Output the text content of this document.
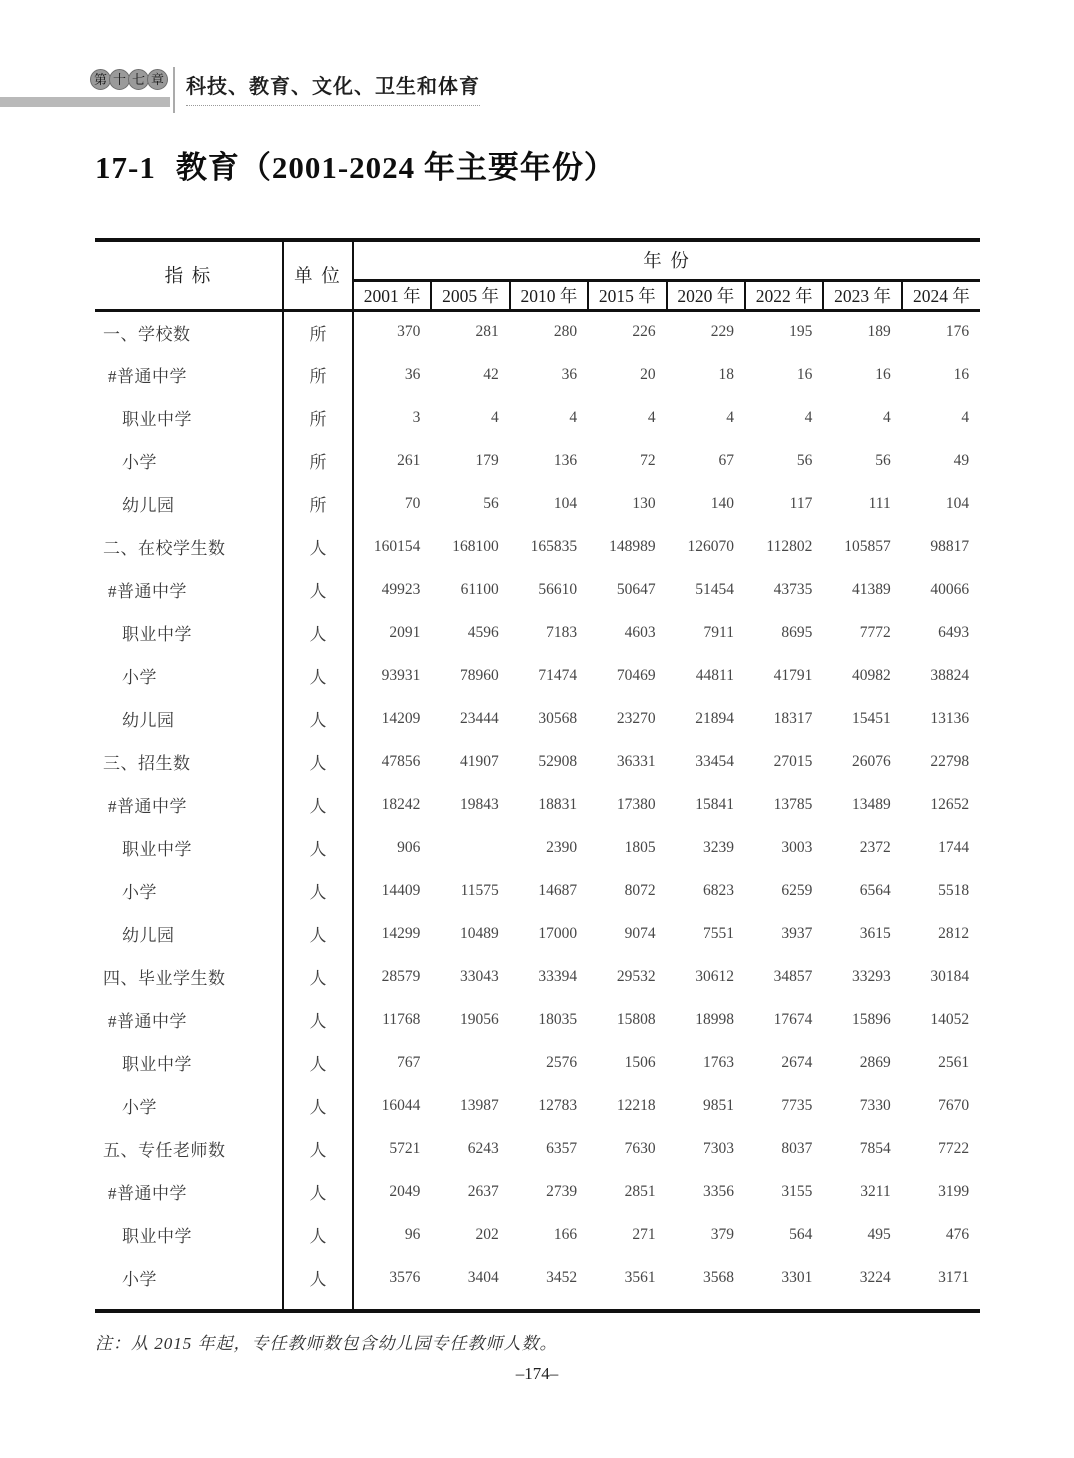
第 十 七 章 科技、教育、文化、卫生和体育
17-1 教育（2001-2024 年主要年份）
指 标	单 位	年 份							
		2001 年	2005 年	2010 年	2015 年	2020 年	2022 年	2023 年	2024 年
一、学校数	所	370	281	280	226	229	195	189	176
#普通中学	所	36	42	36	20	18	16	16	16
职业中学	所	3	4	4	4	4	4	4	4
小学	所	261	179	136	72	67	56	56	49
幼儿园	所	70	56	104	130	140	117	111	104
二、在校学生数	人	160154	168100	165835	148989	126070	112802	105857	98817
#普通中学	人	49923	61100	56610	50647	51454	43735	41389	40066
职业中学	人	2091	4596	7183	4603	7911	8695	7772	6493
小学	人	93931	78960	71474	70469	44811	41791	40982	38824
幼儿园	人	14209	23444	30568	23270	21894	18317	15451	13136
三、招生数	人	47856	41907	52908	36331	33454	27015	26076	22798
#普通中学	人	18242	19843	18831	17380	15841	13785	13489	12652
职业中学	人	906		2390	1805	3239	3003	2372	1744
小学	人	14409	11575	14687	8072	6823	6259	6564	5518
幼儿园	人	14299	10489	17000	9074	7551	3937	3615	2812
四、毕业学生数	人	28579	33043	33394	29532	30612	34857	33293	30184
#普通中学	人	11768	19056	18035	15808	18998	17674	15896	14052
职业中学	人	767		2576	1506	1763	2674	2869	2561
小学	人	16044	13987	12783	12218	9851	7735	7330	7670
五、专任老师数	人	5721	6243	6357	7630	7303	8037	7854	7722
#普通中学	人	2049	2637	2739	2851	3356	3155	3211	3199
职业中学	人	96	202	166	271	379	564	495	476
小学	人	3576	3404	3452	3561	3568	3301	3224	3171

注：从 2015 年起，专任教师数包含幼儿园专任教师人数。
–174–
